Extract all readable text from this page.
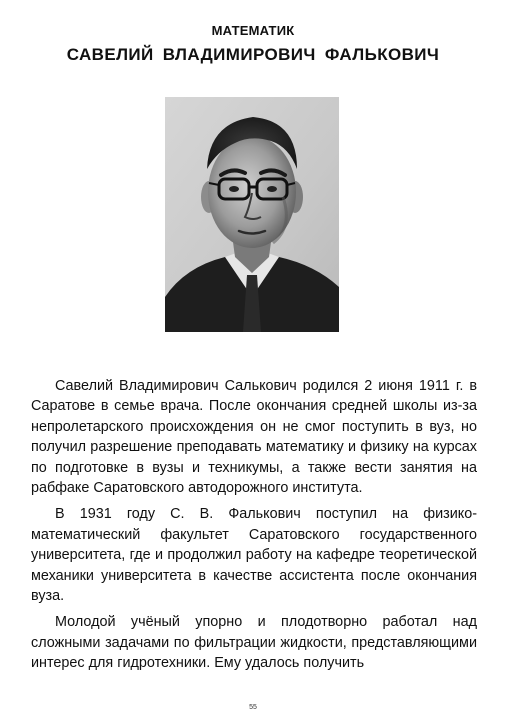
МАТЕМАТИК
САВЕЛИЙ ВЛАДИМИРОВИЧ ФАЛЬКОВИЧ

Савелий Владимирович Салькович родился 2 июня 1911 г. в Саратове в семье врача. После окончания средней школы из-за непролетарского происхождения он не смог поступить в вуз, но получил разрешение преподавать математику и физику на курсах по подготовке в вузы и техникумы, а также вести занятия на рабфаке Саратовского автодорожного института.

В 1931 году С. В. Фалькович поступил на физико-математический факультет Саратовского государственного университета, где и продолжил работу на кафедре теоретической механики университета в качестве ассистента после окончания вуза.

Молодой учёный упорно и плодотворно работал над сложными задачами по фильтрации жидкости, представляющими интерес для гидротехники. Ему удалось получить

55
